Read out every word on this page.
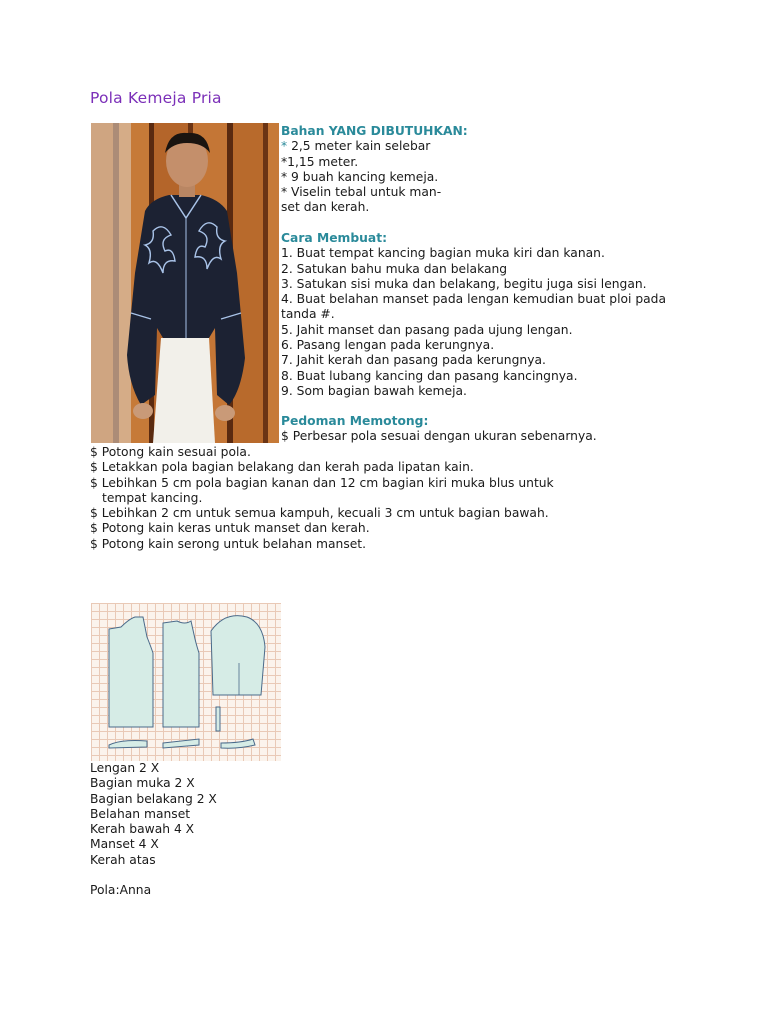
Pola Kemeja Pria
Bahan YANG DIBUTUHKAN:
* 2,5 meter kain selebar
*1,15 meter.
* 9 buah kancing kemeja.
* Viselin tebal untuk man-
set dan kerah.
Cara Membuat:
1. Buat tempat kancing bagian muka kiri dan kanan.
2. Satukan bahu muka dan belakang
3. Satukan sisi muka dan belakang, begitu juga sisi lengan.
4. Buat belahan manset pada lengan kemudian buat ploi pada
tanda #.
5. Jahit manset dan pasang pada ujung lengan.
6. Pasang lengan pada kerungnya.
7. Jahit kerah dan pasang pada kerungnya.
8. Buat lubang kancing dan pasang kancingnya.
9. Som bagian bawah kemeja.
Pedoman Memotong:
$ Perbesar pola sesuai dengan ukuran sebenarnya.
$ Potong kain sesuai pola.
$ Letakkan pola bagian belakang dan kerah pada lipatan kain.
$ Lebihkan 5 cm pola bagian kanan dan 12 cm bagian kiri muka blus untuk
tempat kancing.
$ Lebihkan 2 cm untuk semua kampuh, kecuali 3 cm untuk bagian bawah.
$ Potong kain keras untuk manset dan kerah.
$ Potong kain serong untuk belahan manset.
Lengan 2 X
Bagian muka 2 X
Bagian belakang 2 X
Belahan manset
Kerah bawah 4 X
Manset 4 X
Kerah atas
Pola:Anna
